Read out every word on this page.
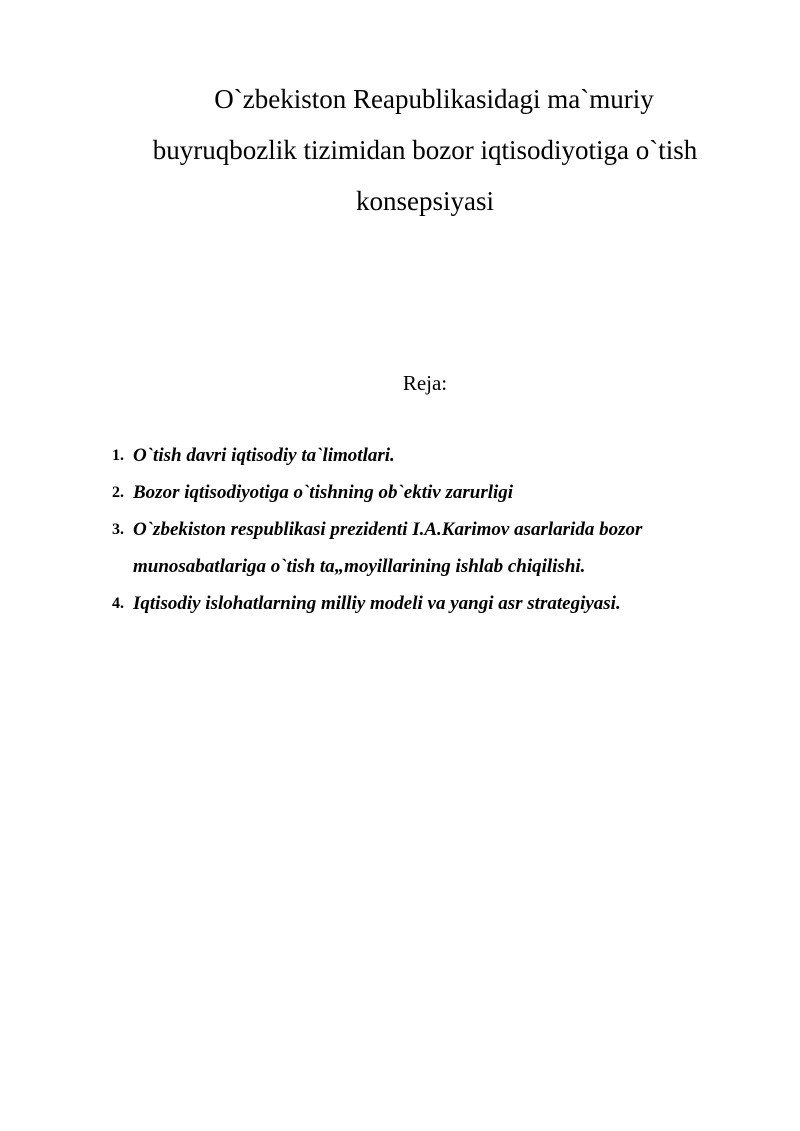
O`zbekiston Reapublikasidagi ma`muriy
buyruqbozlik tizimidan bozor iqtisodiyotiga o`tish
konsepsiyasi
Reja:
1. O`tish davri iqtisodiy ta`limotlari.
2. Bozor iqtisodiyotiga o`tishning ob`ektiv zarurligi
3. O`zbekiston respublikasi prezidenti I.A.Karimov asarlarida bozor munosabatlariga o`tish ta„moyillarining ishlab chiqilishi.
4. Iqtisodiy islohatlarning milliy modeli va yangi asr strategiyasi.
